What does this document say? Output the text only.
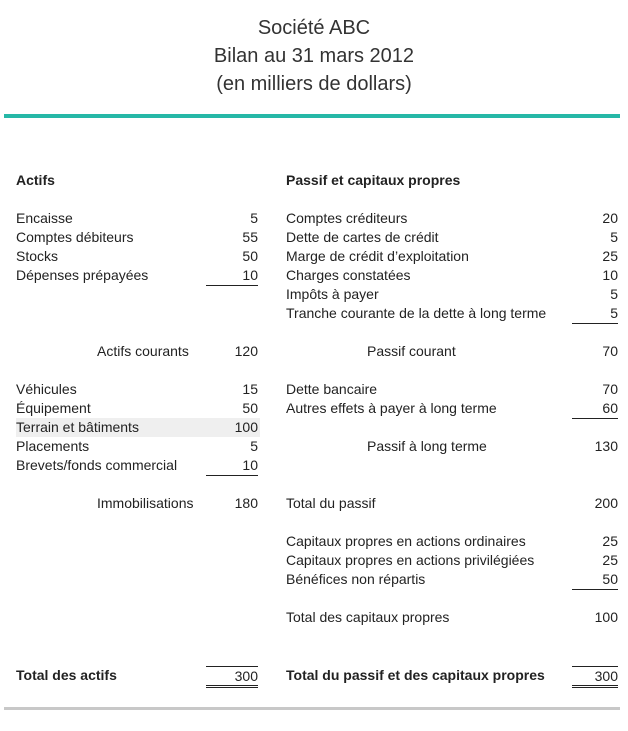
Société ABC
Bilan au 31 mars 2012
(en milliers de dollars)
Actifs
Encaisse	5
Comptes débiteurs	55
Stocks	50
Dépenses prépayées	10
Actifs courants	120
Véhicules	15
Équipement	50
Terrain et bâtiments	100
Placements	5
Brevets/fonds commercial	10
Immobilisations	180
Total des actifs	300
Passif et capitaux propres
Comptes créditeurs	20
Dette de cartes de crédit	5
Marge de crédit d’exploitation	25
Charges constatées	10
Impôts à payer	5
Tranche courante de la dette à long terme	5
Passif courant	70
Dette bancaire	70
Autres effets à payer à long terme	60
Passif à long terme	130
Total du passif	200
Capitaux propres en actions ordinaires	25
Capitaux propres en actions privilégiées	25
Bénéfices non répartis	50
Total des capitaux propres	100
Total du passif et des capitaux propres	300
